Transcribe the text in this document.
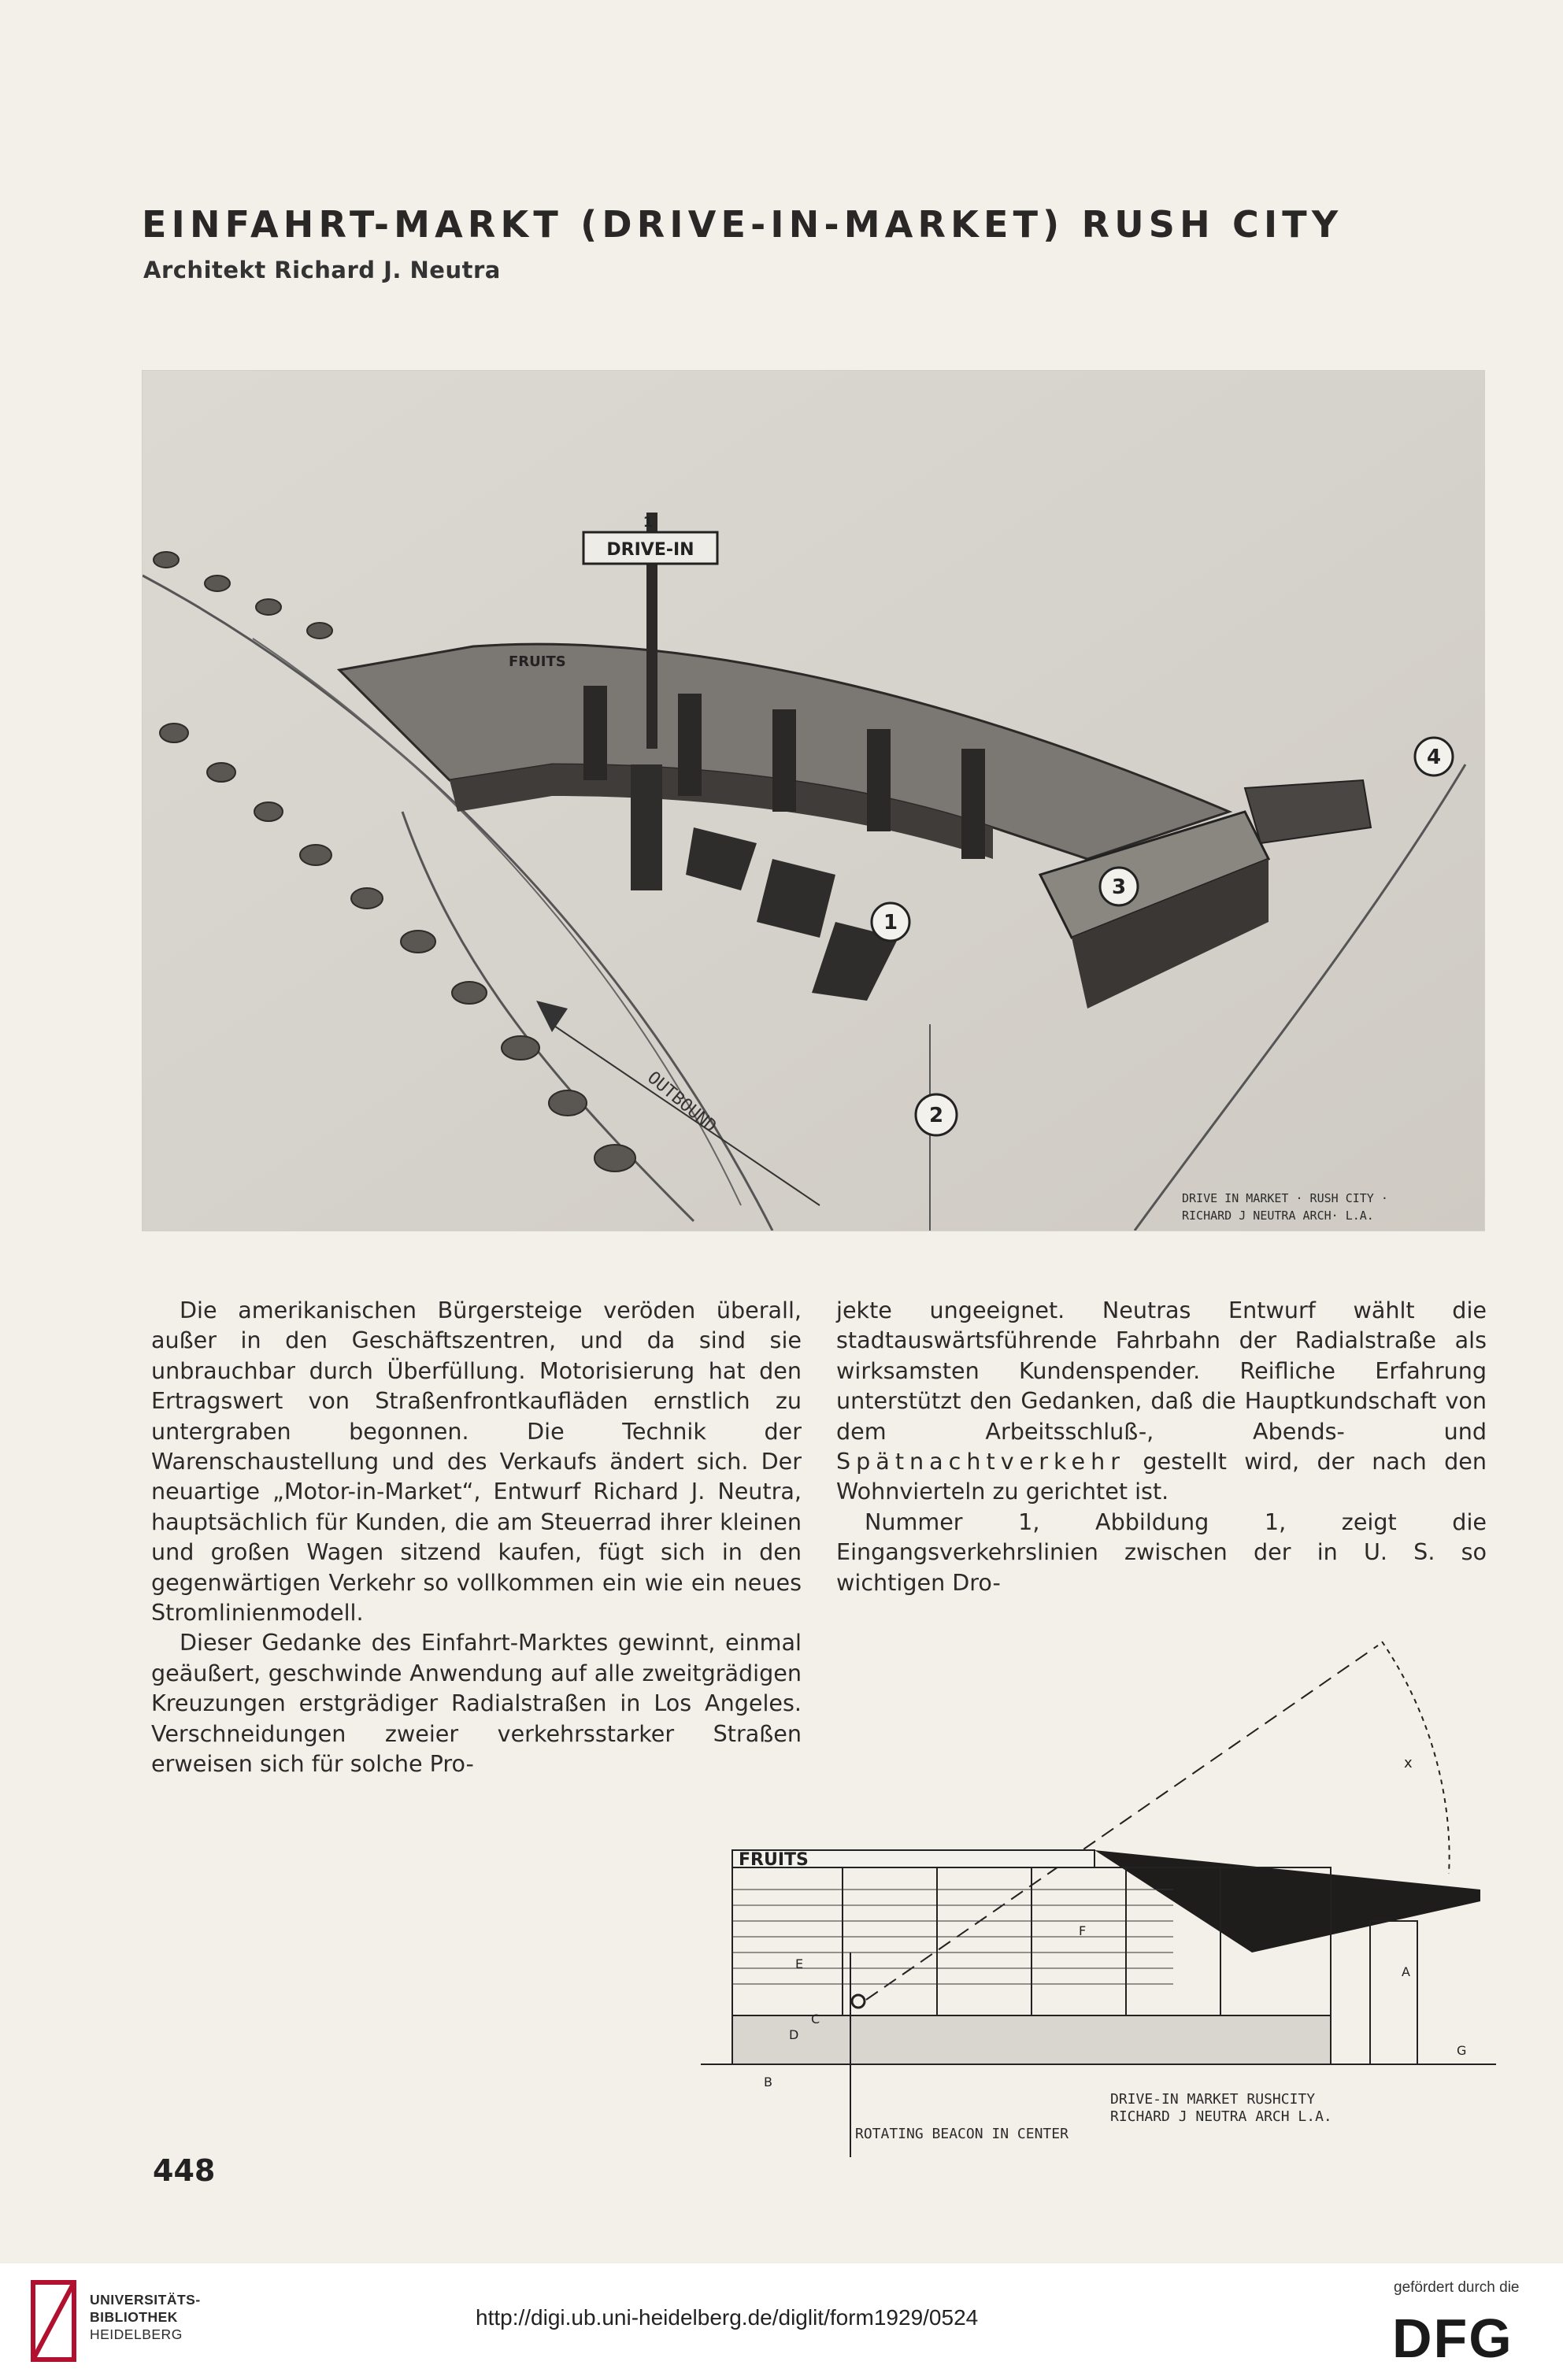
EINFAHRT-MARKT (DRIVE-IN-MARKET) RUSH CITY
Architekt Richard J. Neutra
DRIVE-IN
1
FRUITS
OUTBOUND
1
2
3
4
DRIVE IN MARKET · RUSH CITY ·
RICHARD J NEUTRA ARCH· L.A.

Die amerikanischen Bürgersteige veröden überall, außer in den Geschäftszentren, und da sind sie unbrauchbar durch Überfüllung. Motorisierung hat den Ertragswert von Straßenfrontkaufläden ernstlich zu untergraben begonnen. Die Technik der Warenschaustellung und des Verkaufs ändert sich. Der neuartige „Motor-in-Market“, Entwurf Richard J. Neutra, hauptsächlich für Kunden, die am Steuerrad ihrer kleinen und großen Wagen sitzend kaufen, fügt sich in den gegenwärtigen Verkehr so vollkommen ein wie ein neues Stromlinienmodell.

Dieser Gedanke des Einfahrt-Marktes gewinnt, einmal geäußert, geschwinde Anwendung auf alle zweitgrädigen Kreuzungen erstgrädiger Radialstraßen in Los Angeles. Verschneidungen zweier verkehrsstarker Straßen erweisen sich für solche Pro-

jekte ungeeignet. Neutras Entwurf wählt die stadtauswärtsführende Fahrbahn der Radialstraße als wirksamsten Kundenspender. Reifliche Erfahrung unterstützt den Gedanken, daß die Hauptkundschaft von dem Arbeitsschluß-, Abends- und Spätnachtverkehr gestellt wird, der nach den Wohnvierteln zu gerichtet ist.

Nummer 1, Abbildung 1, zeigt die Eingangsverkehrslinien zwischen der in U. S. so wichtigen Dro-

x
FRUITS
C
D
E
F
A
G
B
DRIVE-IN MARKET RUSHCITY
RICHARD J NEUTRA ARCH L.A.
ROTATING BEACON IN CENTER
448
UNIVERSITÄTS-
BIBLIOTHEK
HEIDELBERG
http://digi.ub.uni-heidelberg.de/diglit/form1929/0524
gefördert durch die
DFG
